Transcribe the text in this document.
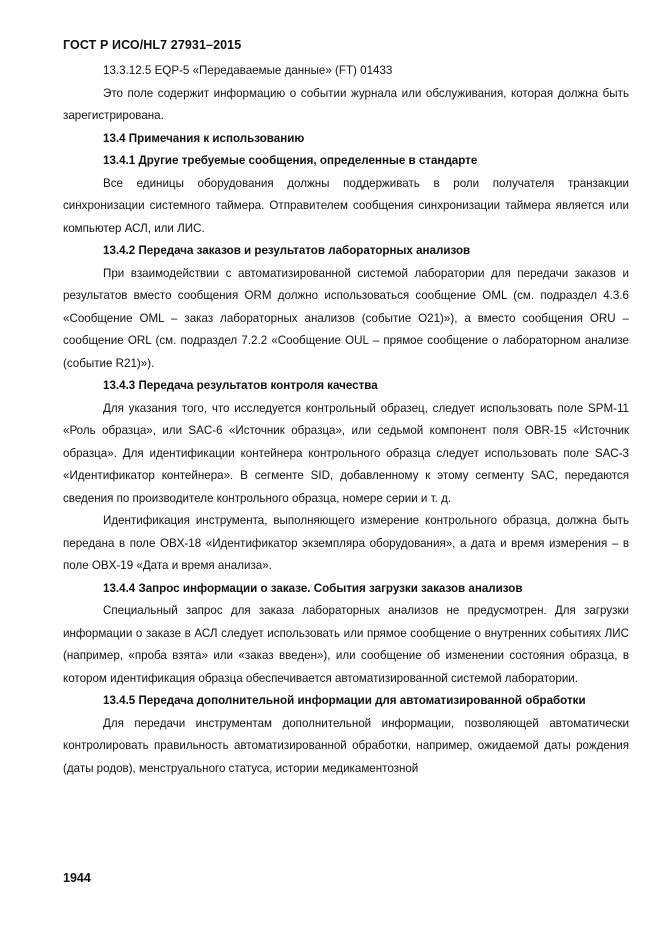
ГОСТ Р ИСО/HL7 27931–2015

13.3.12.5 EQP-5 «Передаваемые данные» (FT) 01433

Это поле содержит информацию о событии журнала или обслуживания, которая должна быть зарегистрирована.

13.4 Примечания к использованию

13.4.1 Другие требуемые сообщения, определенные в стандарте

Все единицы оборудования должны поддерживать в роли получателя транзакции синхронизации системного таймера. Отправителем сообщения синхронизации таймера является или компьютер АСЛ, или ЛИС.

13.4.2 Передача заказов и результатов лабораторных анализов

При взаимодействии с автоматизированной системой лаборатории для передачи заказов и результатов вместо сообщения ORM должно использоваться сообщение OML (см. подраздел 4.3.6 «Сообщение OML – заказ лабораторных анализов (событие O21)»), а вместо сообщения ORU – сообщение ORL (см. подраздел 7.2.2 «Сообщение OUL – прямое сообщение о лабораторном анализе (событие R21)»).

13.4.3 Передача результатов контроля качества

Для указания того, что исследуется контрольный образец, следует использовать поле SPM-11 «Роль образца», или SAC-6 «Источник образца», или седьмой компонент поля OBR-15 «Источник образца». Для идентификации контейнера контрольного образца следует использовать поле SAC-3 «Идентификатор контейнера». В сегменте SID, добавленному к этому сегменту SAC, передаются сведения по производителе контрольного образца, номере серии и т. д.

Идентификация инструмента, выполняющего измерение контрольного образца, должна быть передана в поле OBX-18 «Идентификатор экземпляра оборудования», а дата и время измерения – в поле OBX-19 «Дата и время анализа».

13.4.4 Запрос информации о заказе. События загрузки заказов анализов

Специальный запрос для заказа лабораторных анализов не предусмотрен. Для загрузки информации о заказе в АСЛ следует использовать или прямое сообщение о внутренних событиях ЛИС (например, «проба взята» или «заказ введен»), или сообщение об изменении состояния образца, в котором идентификация образца обеспечивается автоматизированной системой лаборатории.

13.4.5 Передача дополнительной информации для автоматизированной обработки

Для передачи инструментам дополнительной информации, позволяющей автоматически контролировать правильность автоматизированной обработки, например, ожидаемой даты рождения (даты родов), менструального статуса, истории медикаментозной

1944
